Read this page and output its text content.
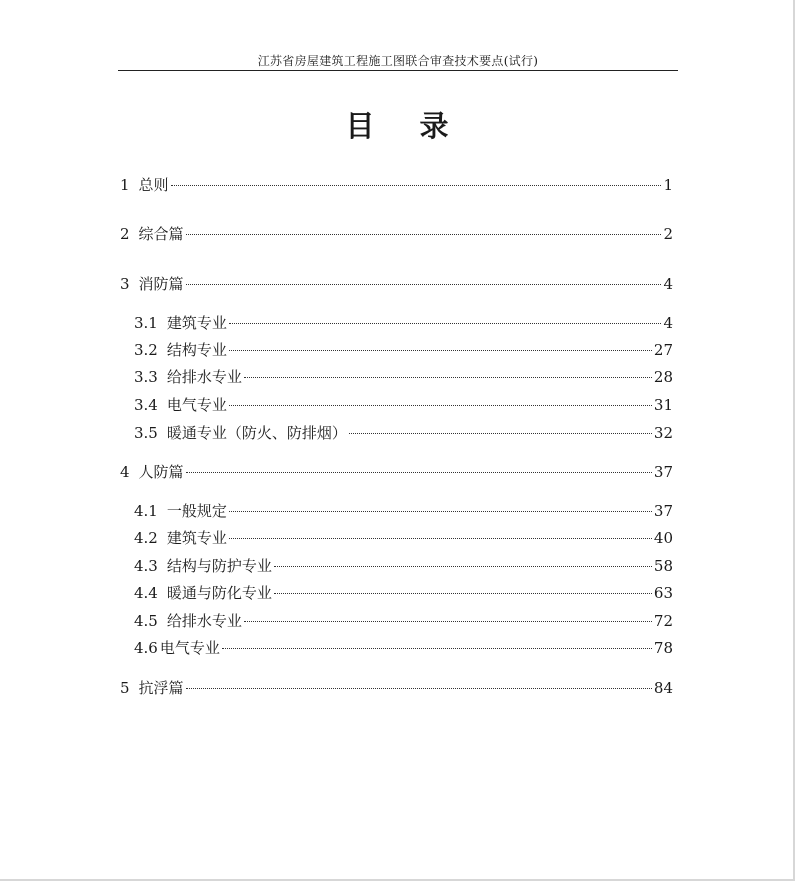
江苏省房屋建筑工程施工图联合审查技术要点(试行)
目 录
1 总则	1
2 综合篇	2
3 消防篇	4
3.1 建筑专业	4
3.2 结构专业	27
3.3 给排水专业	28
3.4 电气专业	31
3.5 暖通专业（防火、防排烟）	32
4 人防篇	37
4.1 一般规定	37
4.2 建筑专业	40
4.3 结构与防护专业	58
4.4 暖通与防化专业	63
4.5 给排水专业	72
4.6 电气专业	78
5 抗浮篇	84
